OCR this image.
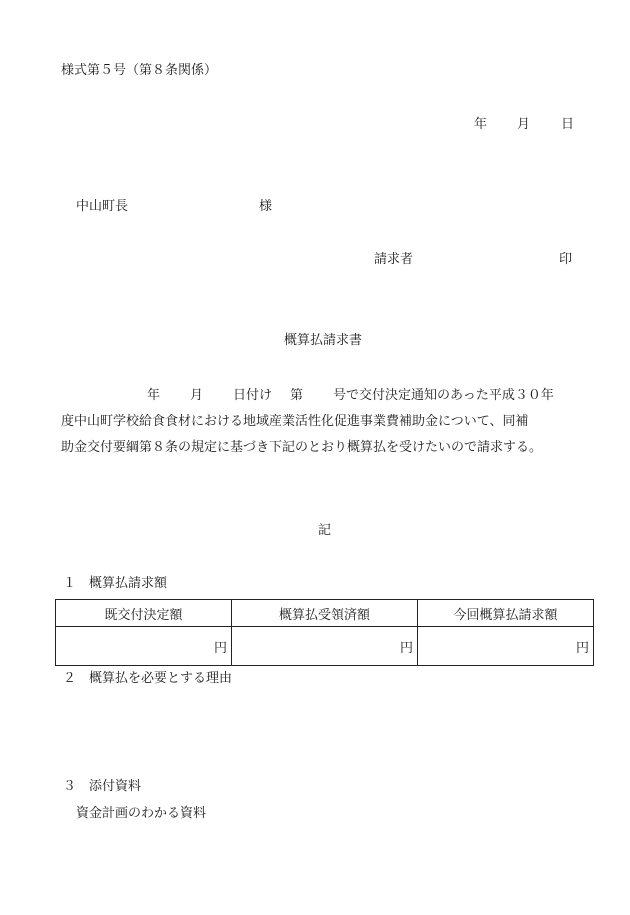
様式第５号（第８条関係）
年 月 日
中山町長	様
請求者	印
概算払請求書
年 月 日付け 第 号で交付決定通知のあった平成３０年
度中山町学校給食食材における地域産業活性化促進事業費補助金について、同補
助金交付要綱第８条の規定に基づき下記のとおり概算払を受けたいので請求する。
記
１ 概算払請求額
既交付決定額	概算払受領済額	今回概算払請求額
円	円	円
２ 概算払を必要とする理由
３ 添付資料
資金計画のわかる資料
